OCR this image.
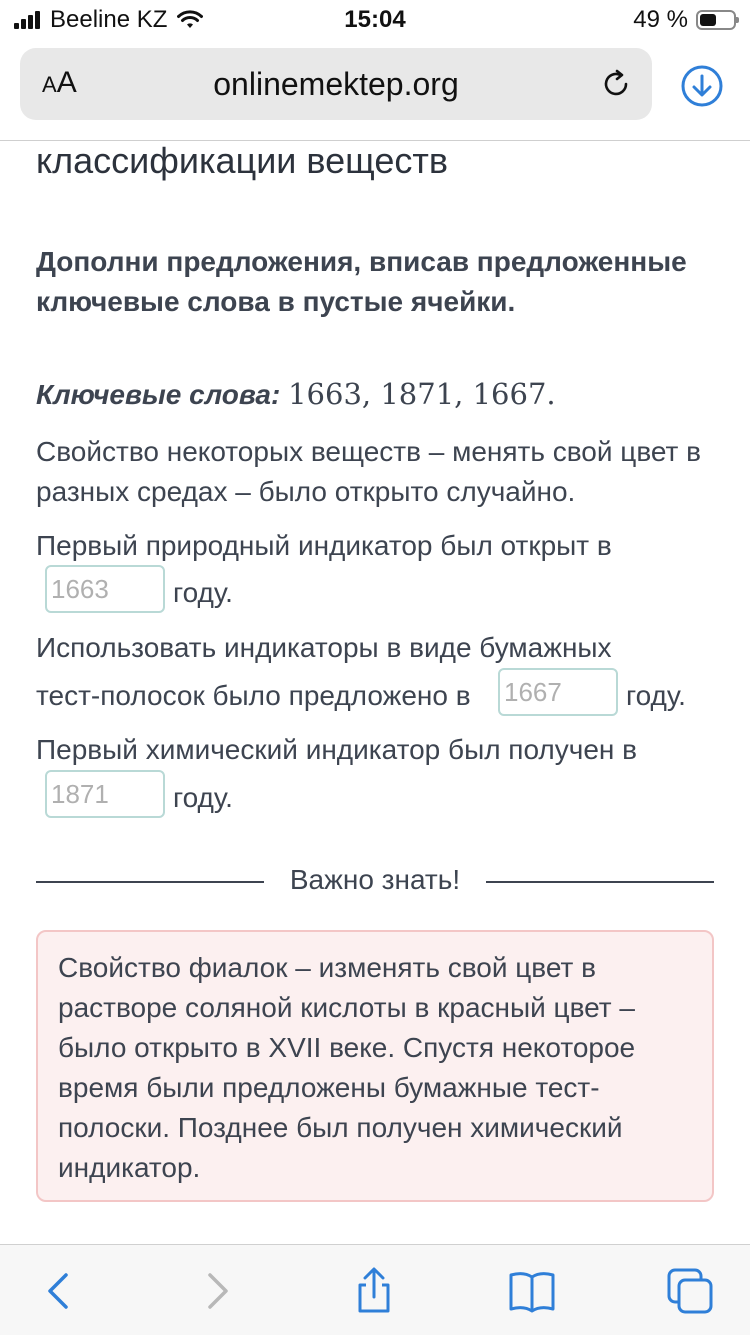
Beeline KZ	15:04	49 %
AA	onlinemektep.org
классификации веществ
Дополни предложения, вписав предложенные ключевые слова в пустые ячейки.
Ключевые слова: 1663, 1871, 1667.
Свойство некоторых веществ – менять свой цвет в разных средах – было открыто случайно.
Первый природный индикатор был открыт в
1663	году.
Использовать индикаторы в виде бумажных
тест-полосок было предложено в 1667	году.
Первый химический индикатор был получен в
1871	году.
Важно знать!
Свойство фиалок – изменять свой цвет в растворе соляной кислоты в красный цвет – было открыто в XVII веке. Спустя некоторое время были предложены бумажные тест-полоски. Позднее был получен химический индикатор.
